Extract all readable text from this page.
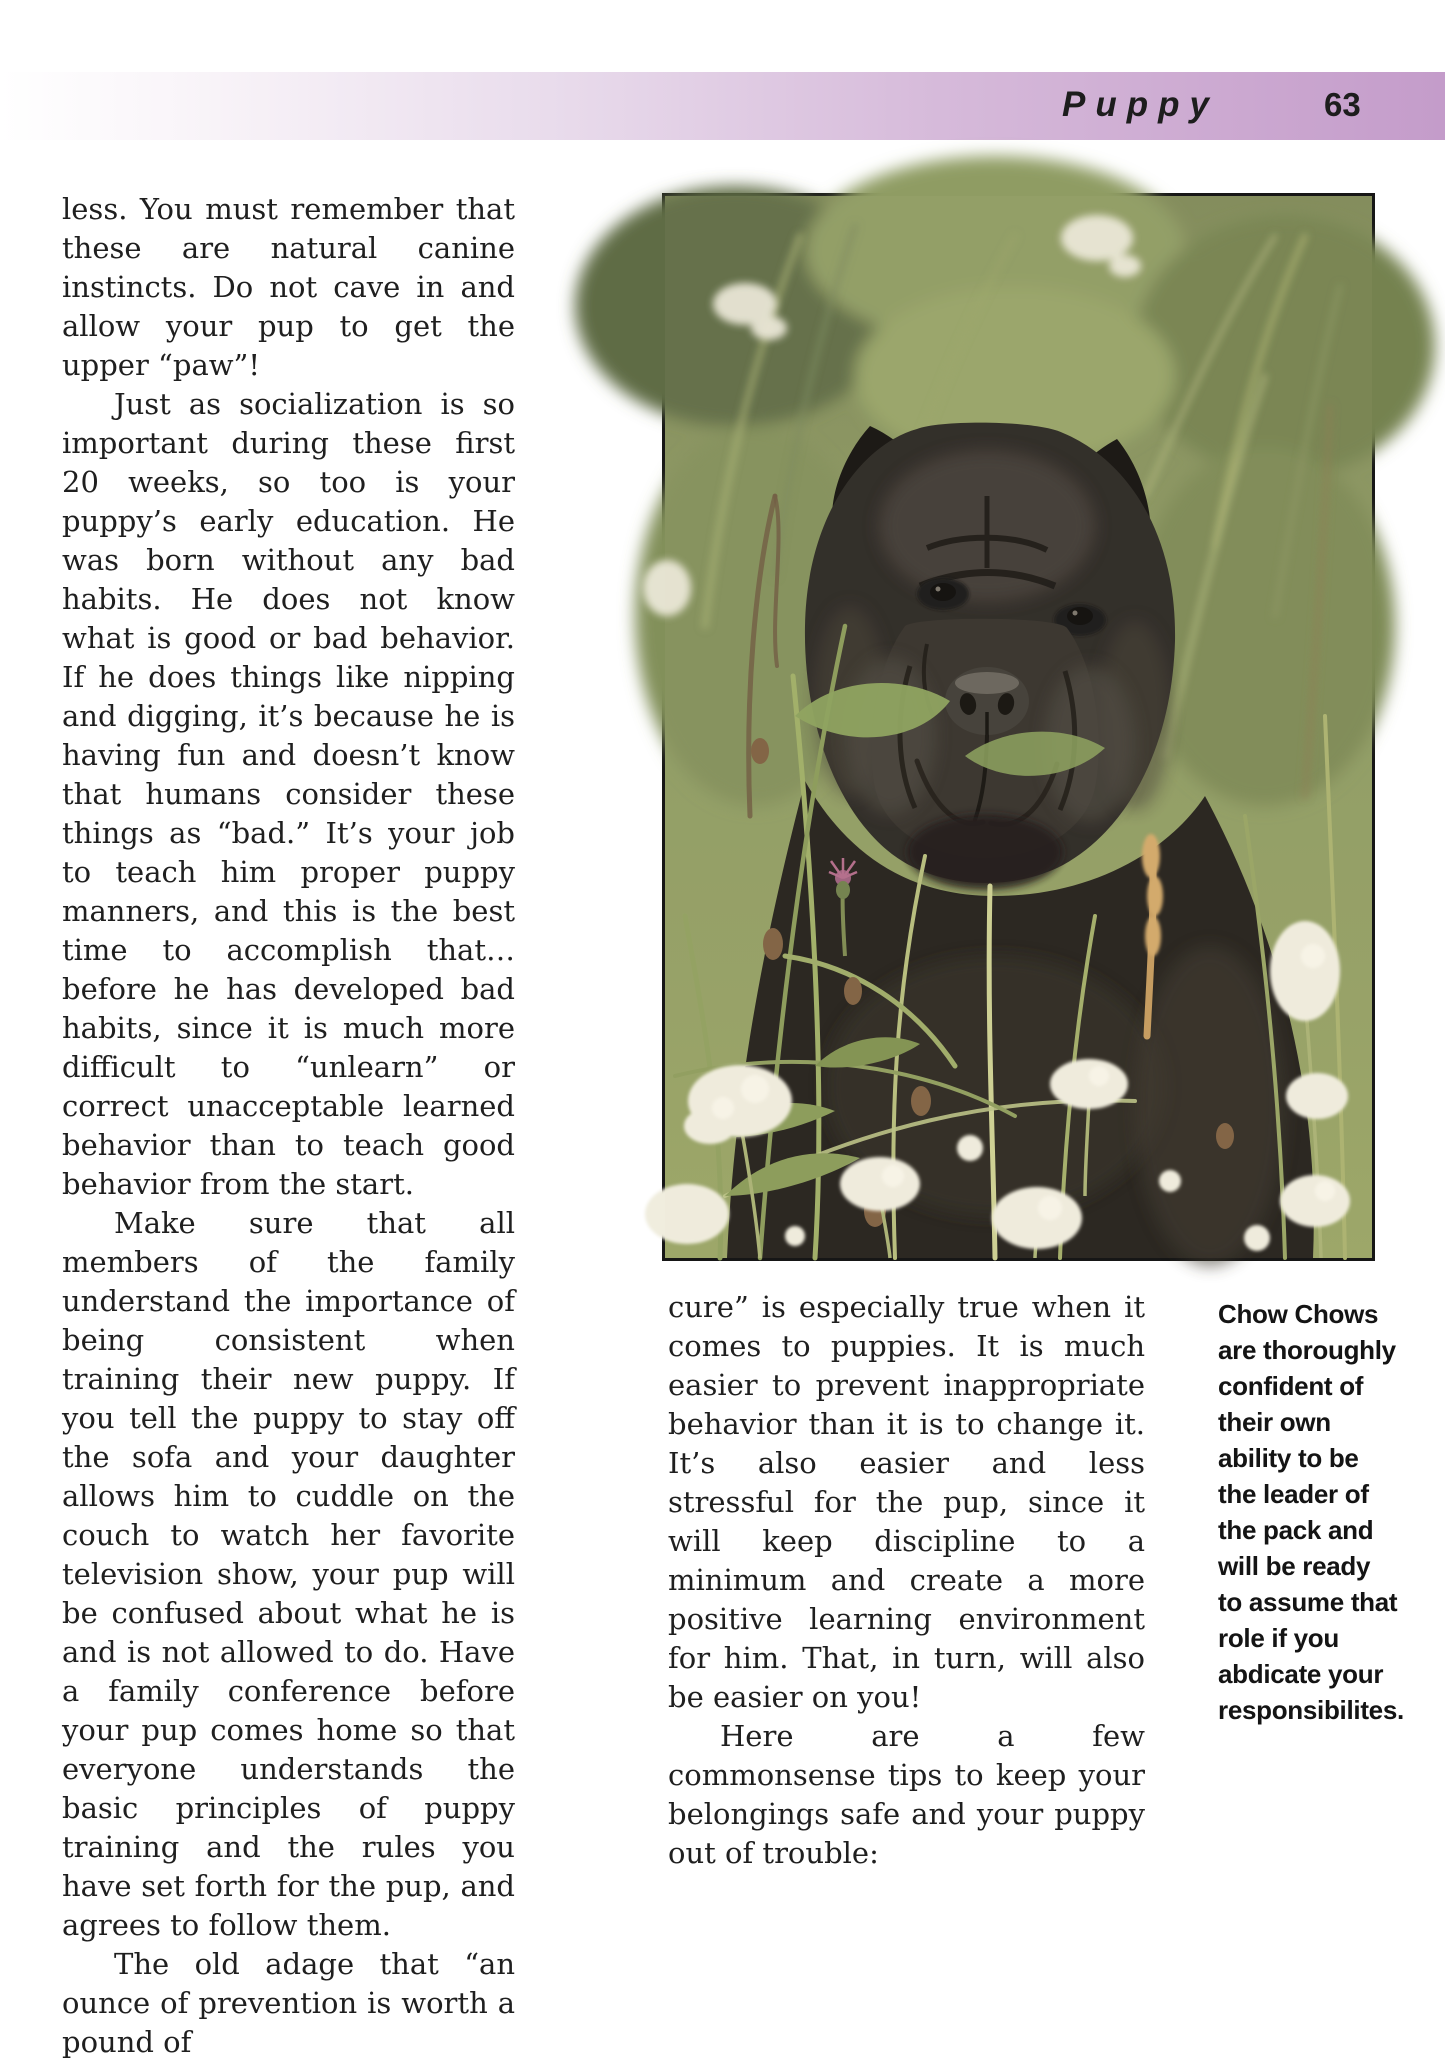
Puppy	63

less. You must remember that these are natural canine instincts. Do not cave in and allow your pup to get the upper “paw”!

Just as socialization is so important during these first 20 weeks, so too is your puppy’s early education. He was born without any bad habits. He does not know what is good or bad behavior. If he does things like nipping and digging, it’s because he is having fun and doesn’t know that humans consider these things as “bad.” It’s your job to teach him proper puppy manners, and this is the best time to accomplish that…before he has developed bad habits, since it is much more difficult to “unlearn” or correct unacceptable learned behavior than to teach good behavior from the start.

Make sure that all members of the family understand the importance of being consistent when training their new puppy. If you tell the puppy to stay off the sofa and your daughter allows him to cuddle on the couch to watch her favorite television show, your pup will be confused about what he is and is not allowed to do. Have a family conference before your pup comes home so that everyone understands the basic principles of puppy training and the rules you have set forth for the pup, and agrees to follow them.

The old adage that “an ounce of prevention is worth a pound of

cure” is especially true when it comes to puppies. It is much easier to prevent inappropriate behavior than it is to change it. It’s also easier and less stressful for the pup, since it will keep discipline to a minimum and create a more positive learning environment for him. That, in turn, will also be easier on you!

Here are a few commonsense tips to keep your belongings safe and your puppy out of trouble:

Chow Chows
are thoroughly
confident of
their own
ability to be
the leader of
the pack and
will be ready
to assume that
role if you
abdicate your
responsibilites.
